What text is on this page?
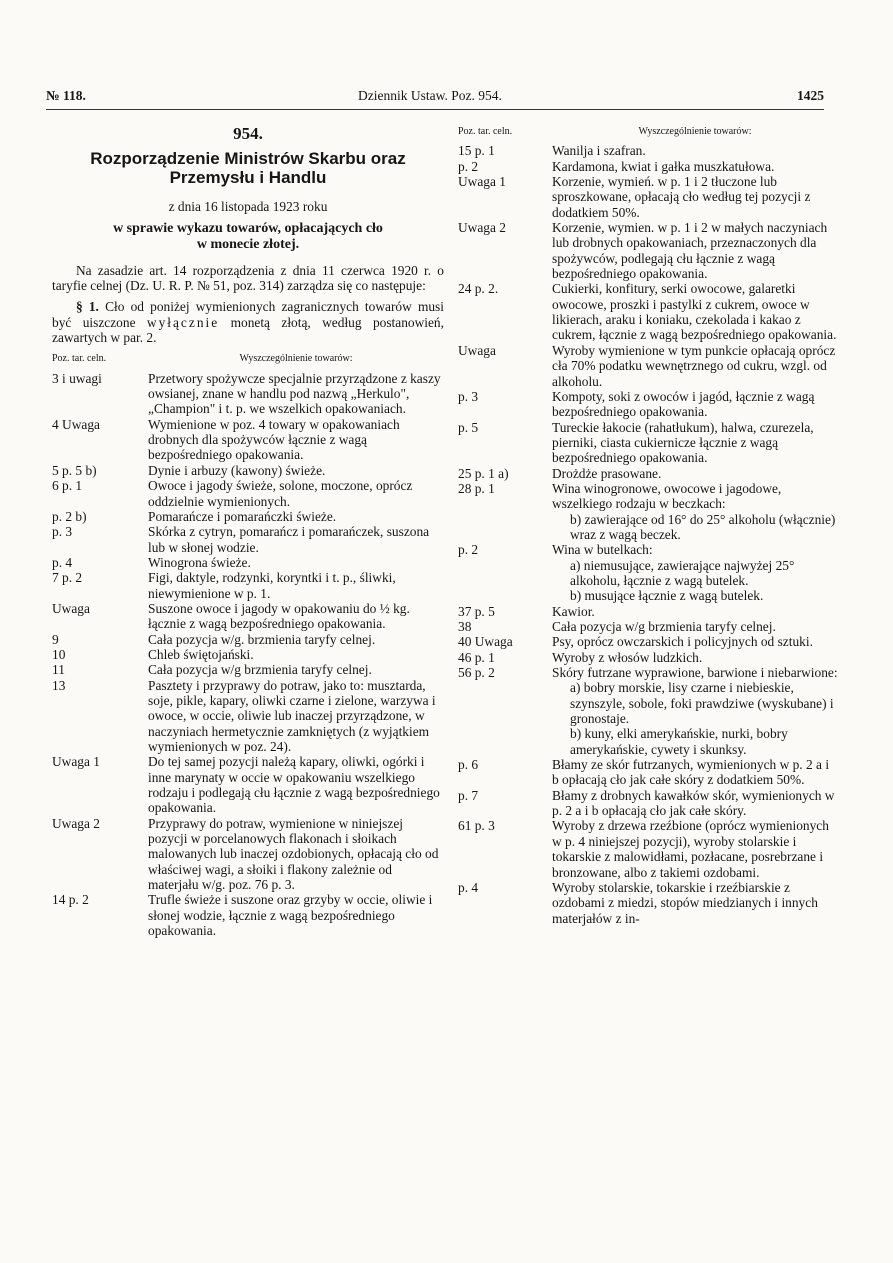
№ 118.	Dziennik Ustaw. Poz. 954.	1425
954.
Rozporządzenie Ministrów Skarbu oraz
Przemysłu i Handlu
z dnia 16 listopada 1923 roku
w sprawie wykazu towarów, opłacających cło
w monecie złotej.

Na zasadzie art. 14 rozporządzenia z dnia 11 czerwca 1920 r. o taryfie celnej (Dz. U. R. P. № 51, poz. 314) zarządza się co następuje:

§ 1. Cło od poniżej wymienionych zagranicznych towarów musi być uiszczone wyłącznie monetą złotą, według postanowień, zawartych w par. 2.

Poz. tar. celn.	Wyszczególnienie towarów:
3 i uwagi	Przetwory spożywcze specjalnie przyrządzone z kaszy owsianej, znane w handlu pod nazwą „Herkulo", „Champion" i t. p. we wszelkich opakowaniach.
4 Uwaga	Wymienione w poz. 4 towary w opakowaniach drobnych dla spożywców łącznie z wagą bezpośredniego opakowania.
5 p. 5 b)	Dynie i arbuzy (kawony) świeże.
6 p. 1	Owoce i jagody świeże, solone, moczone, oprócz oddzielnie wymienionych.
p. 2 b)	Pomarańcze i pomarańczki świeże.
p. 3	Skórka z cytryn, pomarańcz i pomarańczek, suszona lub w słonej wodzie.
p. 4	Winogrona świeże.
7 p. 2	Figi, daktyle, rodzynki, koryntki i t. p., śliwki, niewymienione w p. 1.
Uwaga	Suszone owoce i jagody w opakowaniu do ½ kg. łącznie z wagą bezpośredniego opakowania.
9	Cała pozycja w/g. brzmienia taryfy celnej.
10	Chleb świętojański.
11	Cała pozycja w/g brzmienia taryfy celnej.
13	Pasztety i przyprawy do potraw, jako to: musztarda, soje, pikle, kapary, oliwki czarne i zielone, warzywa i owoce, w occie, oliwie lub inaczej przyrządzone, w naczyniach hermetycznie zamkniętych (z wyjątkiem wymienionych w poz. 24).
Uwaga 1	Do tej samej pozycji należą kapary, oliwki, ogórki i inne marynaty w occie w opakowaniu wszelkiego rodzaju i podlegają cłu łącznie z wagą bezpośredniego opakowania.
Uwaga 2	Przyprawy do potraw, wymienione w niniejszej pozycji w porcelanowych flakonach i słoikach malowanych lub inaczej ozdobionych, opłacają cło od właściwej wagi, a słoiki i flakony zależnie od materjału w/g. poz. 76 p. 3.
14 p. 2	Trufle świeże i suszone oraz grzyby w occie, oliwie i słonej wodzie, łącznie z wagą bezpośredniego opakowania.
Poz. tar. celn.	Wyszczególnienie towarów:
15 p. 1	Wanilja i szafran.
p. 2	Kardamona, kwiat i gałka muszkatułowa.
Uwaga 1	Korzenie, wymień. w p. 1 i 2 tłuczone lub sproszkowane, opłacają cło według tej pozycji z dodatkiem 50%.
Uwaga 2	Korzenie, wymien. w p. 1 i 2 w małych naczyniach lub drobnych opakowaniach, przeznaczonych dla spożywców, podlegają cłu łącznie z wagą bezpośredniego opakowania.
24 p. 2.	Cukierki, konfitury, serki owocowe, galaretki owocowe, proszki i pastylki z cukrem, owoce w likierach, araku i koniaku, czekolada i kakao z cukrem, łącznie z wagą bezpośredniego opakowania.
Uwaga	Wyroby wymienione w tym punkcie opłacają oprócz cła 70% podatku wewnętrznego od cukru, wzgl. od alkoholu.
p. 3	Kompoty, soki z owoców i jagód, łącznie z wagą bezpośredniego opakowania.
p. 5	Tureckie łakocie (rahatłukum), halwa, czurezela, pierniki, ciasta cukiernicze łącznie z wagą bezpośredniego opakowania.
25 p. 1 a)	Drożdże prasowane.
28 p. 1	Wina winogronowe, owocowe i jagodowe, wszelkiego rodzaju w beczkach:
b) zawierające od 16° do 25° alkoholu (włącznie) wraz z wagą beczek.
p. 2	Wina w butelkach:
a) niemusujące, zawierające najwyżej 25° alkoholu, łącznie z wagą butelek.
b) musujące łącznie z wagą butelek.
37 p. 5	Kawior.
38	Cała pozycja w/g brzmienia taryfy celnej.
40 Uwaga	Psy, oprócz owczarskich i policyjnych od sztuki.
46 p. 1	Wyroby z włosów ludzkich.
56 p. 2	Skóry futrzane wyprawione, barwione i niebarwione:
a) bobry morskie, lisy czarne i niebieskie, szynszyle, sobole, foki prawdziwe (wyskubane) i gronostaje.
b) kuny, elki amerykańskie, nurki, bobry amerykańskie, cywety i skunksy.
p. 6	Błamy ze skór futrzanych, wymienionych w p. 2 a i b opłacają cło jak całe skóry z dodatkiem 50%.
p. 7	Błamy z drobnych kawałków skór, wymienionych w p. 2 a i b opłacają cło jak całe skóry.
61 p. 3	Wyroby z drzewa rzeźbione (oprócz wymienionych w p. 4 niniejszej pozycji), wyroby stolarskie i tokarskie z malowidłami, pozłacane, posrebrzane i bronzowane, albo z takiemi ozdobami.
p. 4	Wyroby stolarskie, tokarskie i rzeźbiarskie z ozdobami z miedzi, stopów miedzianych i innych materjałów z in-
